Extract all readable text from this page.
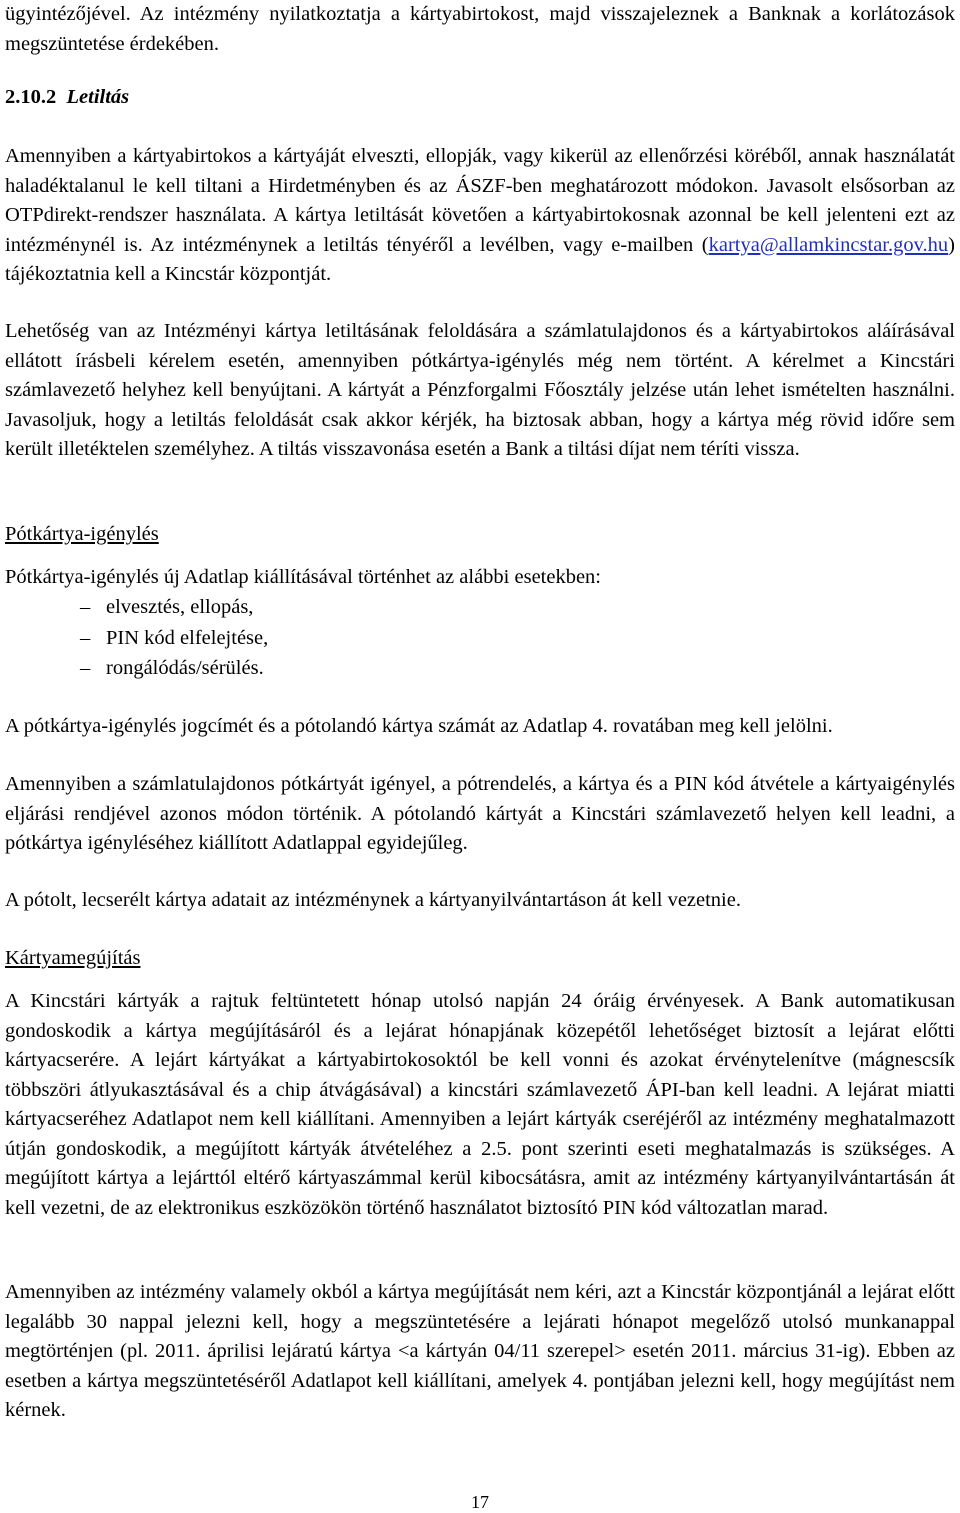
ügyintézőjével. Az intézmény nyilatkoztatja a kártyabirtokost, majd visszajeleznek a Banknak a korlátozások megszüntetése érdekében.

2.10.2 Letiltás

Amennyiben a kártyabirtokos a kártyáját elveszti, ellopják, vagy kikerül az ellenőrzési köréből, annak használatát haladéktalanul le kell tiltani a Hirdetményben és az ÁSZF-ben meghatározott módokon. Javasolt elsősorban az OTPdirekt-rendszer használata. A kártya letiltását követően a kártyabirtokosnak azonnal be kell jelenteni ezt az intézménynél is. Az intézménynek a letiltás tényéről a levélben, vagy e-mailben (kartya@allamkincstar.gov.hu) tájékoztatnia kell a Kincstár központját.

Lehetőség van az Intézményi kártya letiltásának feloldására a számlatulajdonos és a kártyabirtokos aláírásával ellátott írásbeli kérelem esetén, amennyiben pótkártya-igénylés még nem történt. A kérelmet a Kincstári számlavezető helyhez kell benyújtani. A kártyát a Pénzforgalmi Főosztály jelzése után lehet ismételten használni. Javasoljuk, hogy a letiltás feloldását csak akkor kérjék, ha biztosak abban, hogy a kártya még rövid időre sem került illetéktelen személyhez. A tiltás visszavonása esetén a Bank a tiltási díjat nem téríti vissza.

Pótkártya-igénylés

Pótkártya-igénylés új Adatlap kiállításával történhet az alábbi esetekben:

– elvesztés, ellopás,
– PIN kód elfelejtése,
– rongálódás/sérülés.

A pótkártya-igénylés jogcímét és a pótolandó kártya számát az Adatlap 4. rovatában meg kell jelölni.

Amennyiben a számlatulajdonos pótkártyát igényel, a pótrendelés, a kártya és a PIN kód átvétele a kártyaigénylés eljárási rendjével azonos módon történik. A pótolandó kártyát a Kincstári számlavezető helyen kell leadni, a pótkártya igényléséhez kiállított Adatlappal egyidejűleg.

A pótolt, lecserélt kártya adatait az intézménynek a kártyanyilvántartáson át kell vezetnie.

Kártyamegújítás

A Kincstári kártyák a rajtuk feltüntetett hónap utolsó napján 24 óráig érvényesek. A Bank automatikusan gondoskodik a kártya megújításáról és a lejárat hónapjának közepétől lehetőséget biztosít a lejárat előtti kártyacserére. A lejárt kártyákat a kártyabirtokosoktól be kell vonni és azokat érvénytelenítve (mágnescsík többszöri átlyukasztásával és a chip átvágásával) a kincstári számlavezető ÁPI-ban kell leadni. A lejárat miatti kártyacseréhez Adatlapot nem kell kiállítani. Amennyiben a lejárt kártyák cseréjéről az intézmény meghatalmazott útján gondoskodik, a megújított kártyák átvételéhez a 2.5. pont szerinti eseti meghatalmazás is szükséges. A megújított kártya a lejárttól eltérő kártyaszámmal kerül kibocsátásra, amit az intézmény kártyanyilvántartásán át kell vezetni, de az elektronikus eszközökön történő használatot biztosító PIN kód változatlan marad.

Amennyiben az intézmény valamely okból a kártya megújítását nem kéri, azt a Kincstár központjánál a lejárat előtt legalább 30 nappal jelezni kell, hogy a megszüntetésére a lejárati hónapot megelőző utolsó munkanappal megtörténjen (pl. 2011. áprilisi lejáratú kártya <a kártyán 04/11 szerepel> esetén 2011. március 31-ig). Ebben az esetben a kártya megszüntetéséről Adatlapot kell kiállítani, amelyek 4. pontjában jelezni kell, hogy megújítást nem kérnek.

17
